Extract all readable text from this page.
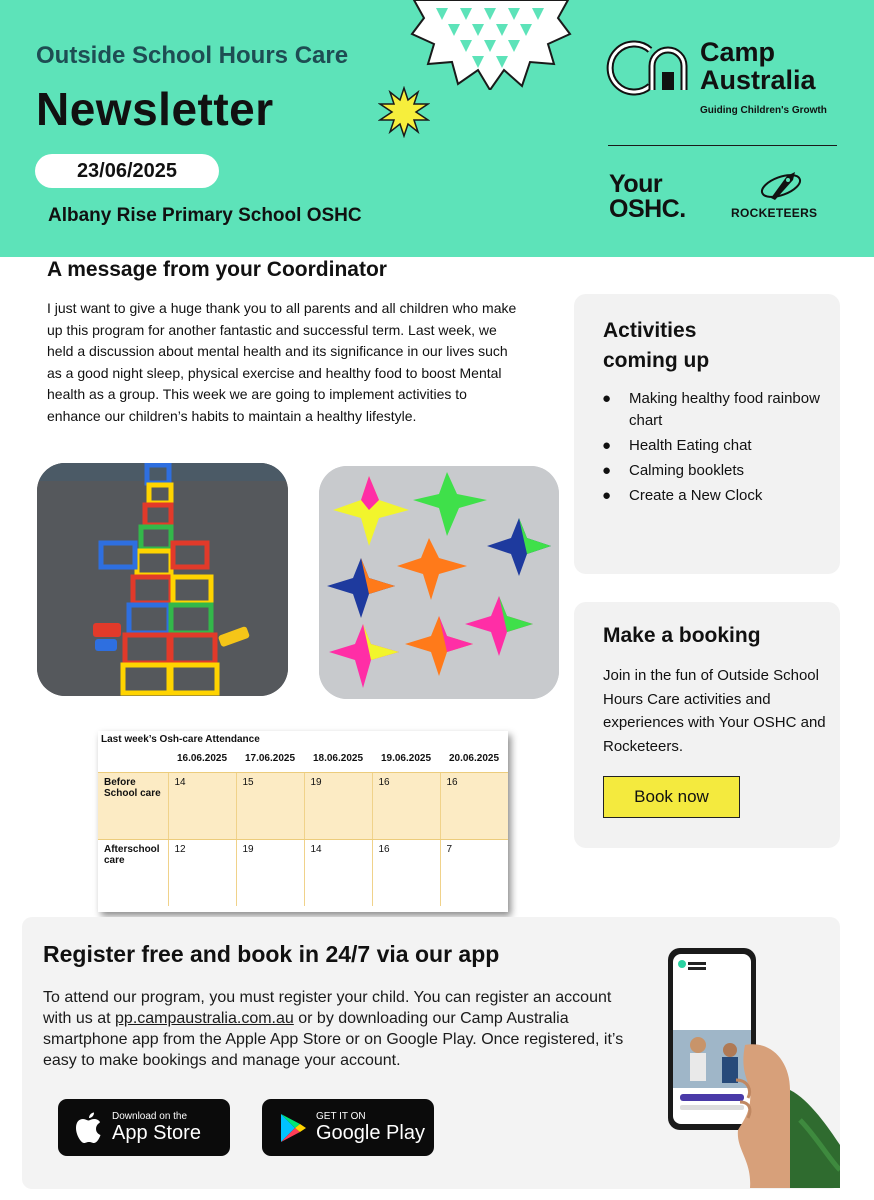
Outside School Hours Care
Newsletter
23/06/2025
Albany Rise Primary School OSHC
Camp
Australia
Guiding Children's Growth
Your
OSHC.	ROCKETEERS
A message from your Coordinator
I just want to give a huge thank you to all parents and all children who make up this program for another fantastic and successful term. Last week, we held a discussion about mental health and its significance in our lives such as a good night sleep, physical exercise and healthy food to boost Mental health as a group. This week we are going to implement activities to enhance our children’s habits to maintain a healthy lifestyle.
Last week’s Osh-care Attendance
	16.06.2025	17.06.2025	18.06.2025	19.06.2025	20.06.2025
Before School care	14	15	19	16	16
Afterschool care	12	19	14	16	7
Activities
coming up
● Making healthy food rainbow chart
● Health Eating chat
● Calming booklets
● Create a New Clock
Make a booking
Join in the fun of Outside School Hours Care activities and experiences with Your OSHC and Rocketeers.
Book now
Register free and book in 24/7 via our app
To attend our program, you must register your child. You can register an account with us at pp.campaustralia.com.au or by downloading our Camp Australia smartphone app from the Apple App Store or on Google Play. Once registered, it’s easy to make bookings and manage your account.
Download on the
App Store
GET IT ON
Google Play
